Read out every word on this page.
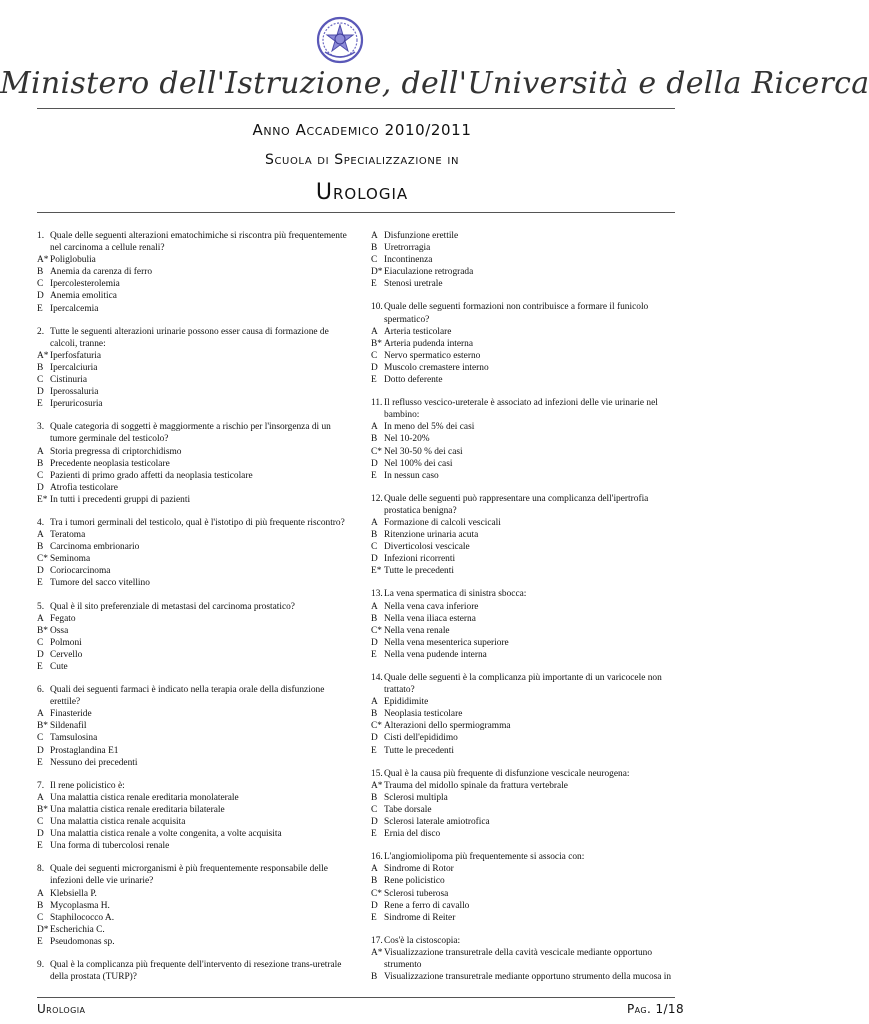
Ministero dell'Istruzione, dell'Università e della Ricerca
Anno Accademico 2010/2011
Scuola di Specializzazione in
Urologia
1. Quale delle seguenti alterazioni ematochimiche si riscontra più frequentemente nel carcinoma a cellule renali?
A* Poliglobulia
B Anemia da carenza di ferro
C Ipercolesterolemia
D Anemia emolitica
E Ipercalcemia
2. Tutte le seguenti alterazioni urinarie possono esser causa di formazione de calcoli, tranne:
A* Iperfosfaturia
B Ipercalciuria
C Cistinuria
D Iperossaluria
E Iperuricosuria
3. Quale categoria di soggetti è maggiormente a rischio per l'insorgenza di un tumore germinale del testicolo?
A Storia pregressa di criptorchidismo
B Precedente neoplasia testicolare
C Pazienti di primo grado affetti da neoplasia testicolare
D Atrofia testicolare
E* In tutti i precedenti gruppi di pazienti
4. Tra i tumori germinali del testicolo, qual è l'istotipo di più frequente riscontro?
A Teratoma
B Carcinoma embrionario
C* Seminoma
D Coriocarcinoma
E Tumore del sacco vitellino
5. Qual è il sito preferenziale di metastasi del carcinoma prostatico?
A Fegato
B* Ossa
C Polmoni
D Cervello
E Cute
6. Quali dei seguenti farmaci è indicato nella terapia orale della disfunzione erettile?
A Finasteride
B* Sildenafil
C Tamsulosina
D Prostaglandina E1
E Nessuno dei precedenti
7. Il rene policistico è:
A Una malattia cistica renale ereditaria monolaterale
B* Una malattia cistica renale ereditaria bilaterale
C Una malattia cistica renale acquisita
D Una malattia cistica renale a volte congenita, a volte acquisita
E Una forma di tubercolosi renale
8. Quale dei seguenti microrganismi è più frequentemente responsabile delle infezioni delle vie urinarie?
A Klebsiella P.
B Mycoplasma H.
C Staphilococco A.
D* Escherichia C.
E Pseudomonas sp.
9. Qual è la complicanza più frequente dell'intervento di resezione trans-uretrale della prostata (TURP)?
A Disfunzione erettile
B Uretrorragia
C Incontinenza
D* Eiaculazione retrograda
E Stenosi uretrale
10. Quale delle seguenti formazioni non contribuisce a formare il funicolo spermatico?
A Arteria testicolare
B* Arteria pudenda interna
C Nervo spermatico esterno
D Muscolo cremastere interno
E Dotto deferente
11. Il reflusso vescico-ureterale è associato ad infezioni delle vie urinarie nel bambino:
A In meno del 5% dei casi
B Nel 10-20%
C* Nel 30-50 % dei casi
D Nel 100% dei casi
E In nessun caso
12. Quale delle seguenti può rappresentare una complicanza dell'ipertrofia prostatica benigna?
A Formazione di calcoli vescicali
B Ritenzione urinaria acuta
C Diverticolosi vescicale
D Infezioni ricorrenti
E* Tutte le precedenti
13. La vena spermatica di sinistra sbocca:
A Nella vena cava inferiore
B Nella vena iliaca esterna
C* Nella vena renale
D Nella vena mesenterica superiore
E Nella vena pudende interna
14. Quale delle seguenti è la complicanza più importante di un varicocele non trattato?
A Epididimite
B Neoplasia testicolare
C* Alterazioni dello spermiogramma
D Cisti dell'epididimo
E Tutte le precedenti
15. Qual è la causa più frequente di disfunzione vescicale neurogena:
A* Trauma del midollo spinale da frattura vertebrale
B Sclerosi multipla
C Tabe dorsale
D Sclerosi laterale amiotrofica
E Ernia del disco
16. L'angiomiolipoma più frequentemente si associa con:
A Sindrome di Rotor
B Rene policistico
C* Sclerosi tuberosa
D Rene a ferro di cavallo
E Sindrome di Reiter
17. Cos'è la cistoscopia:
A* Visualizzazione transuretrale della cavità vescicale mediante opportuno strumento
B Visualizzazione transuretrale mediante opportuno strumento della mucosa in
Urologia	Pag. 1/18
